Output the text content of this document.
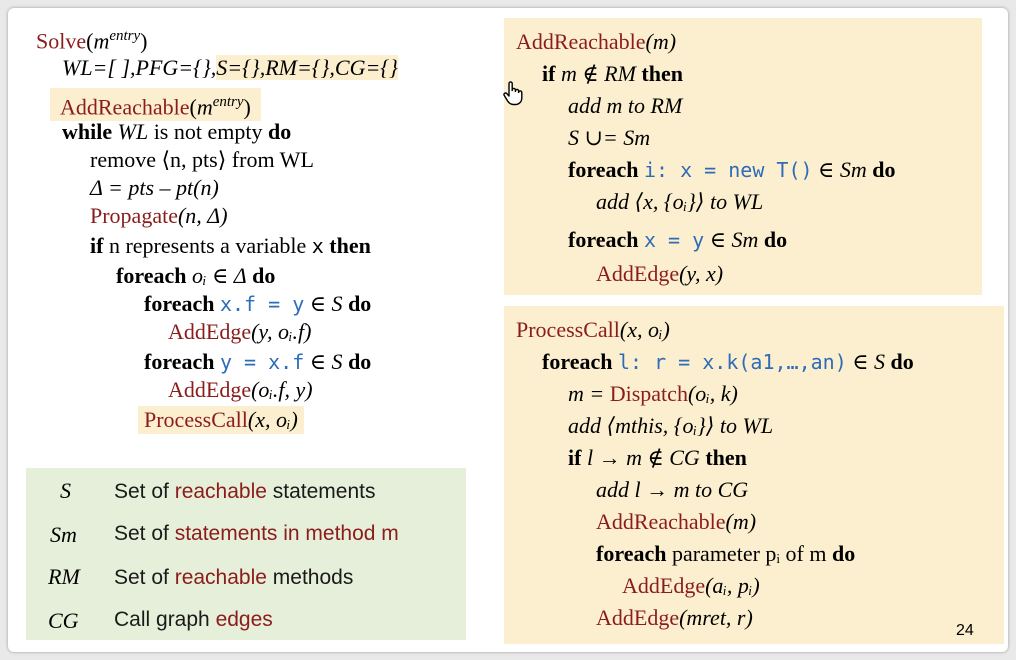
$Solve(m^{entry})$
WL=[ ],PFG={},S={},RM={},CG={}
$AddReachable(m^{entry})$
while WL is not empty do
remove ⟨n, pts⟩ from WL
Δ = pts – pt(n)
Propagate(n, Δ)
if n represents a variable x then
foreach oᵢ ∈ Δ do
foreach x.f = y ∈ S do
AddEdge(y, oᵢ.f)
foreach y = x.f ∈ S do
AddEdge(oᵢ.f, y)
ProcessCall(x, oᵢ)
AddReachable(m)
if m ∉ RM then
add m to RM
S ∪= Sm
foreach i: x = new T() ∈ Sm do
add ⟨x, {oᵢ}⟩ to WL
foreach x = y ∈ Sm do
AddEdge(y, x)
ProcessCall(x, oᵢ)
foreach l: r = x.k(a1,…,an) ∈ S do
m = Dispatch(oᵢ, k)
add ⟨mthis, {oᵢ}⟩ to WL
if l → m ∉ CG then
add l → m to CG
AddReachable(m)
foreach parameter pᵢ of m do
AddEdge(aᵢ, pᵢ)
AddEdge(mret, r)
S Set of reachable statements
Sm Set of statements in method m
RM Set of reachable methods
CG Call graph edges	24
